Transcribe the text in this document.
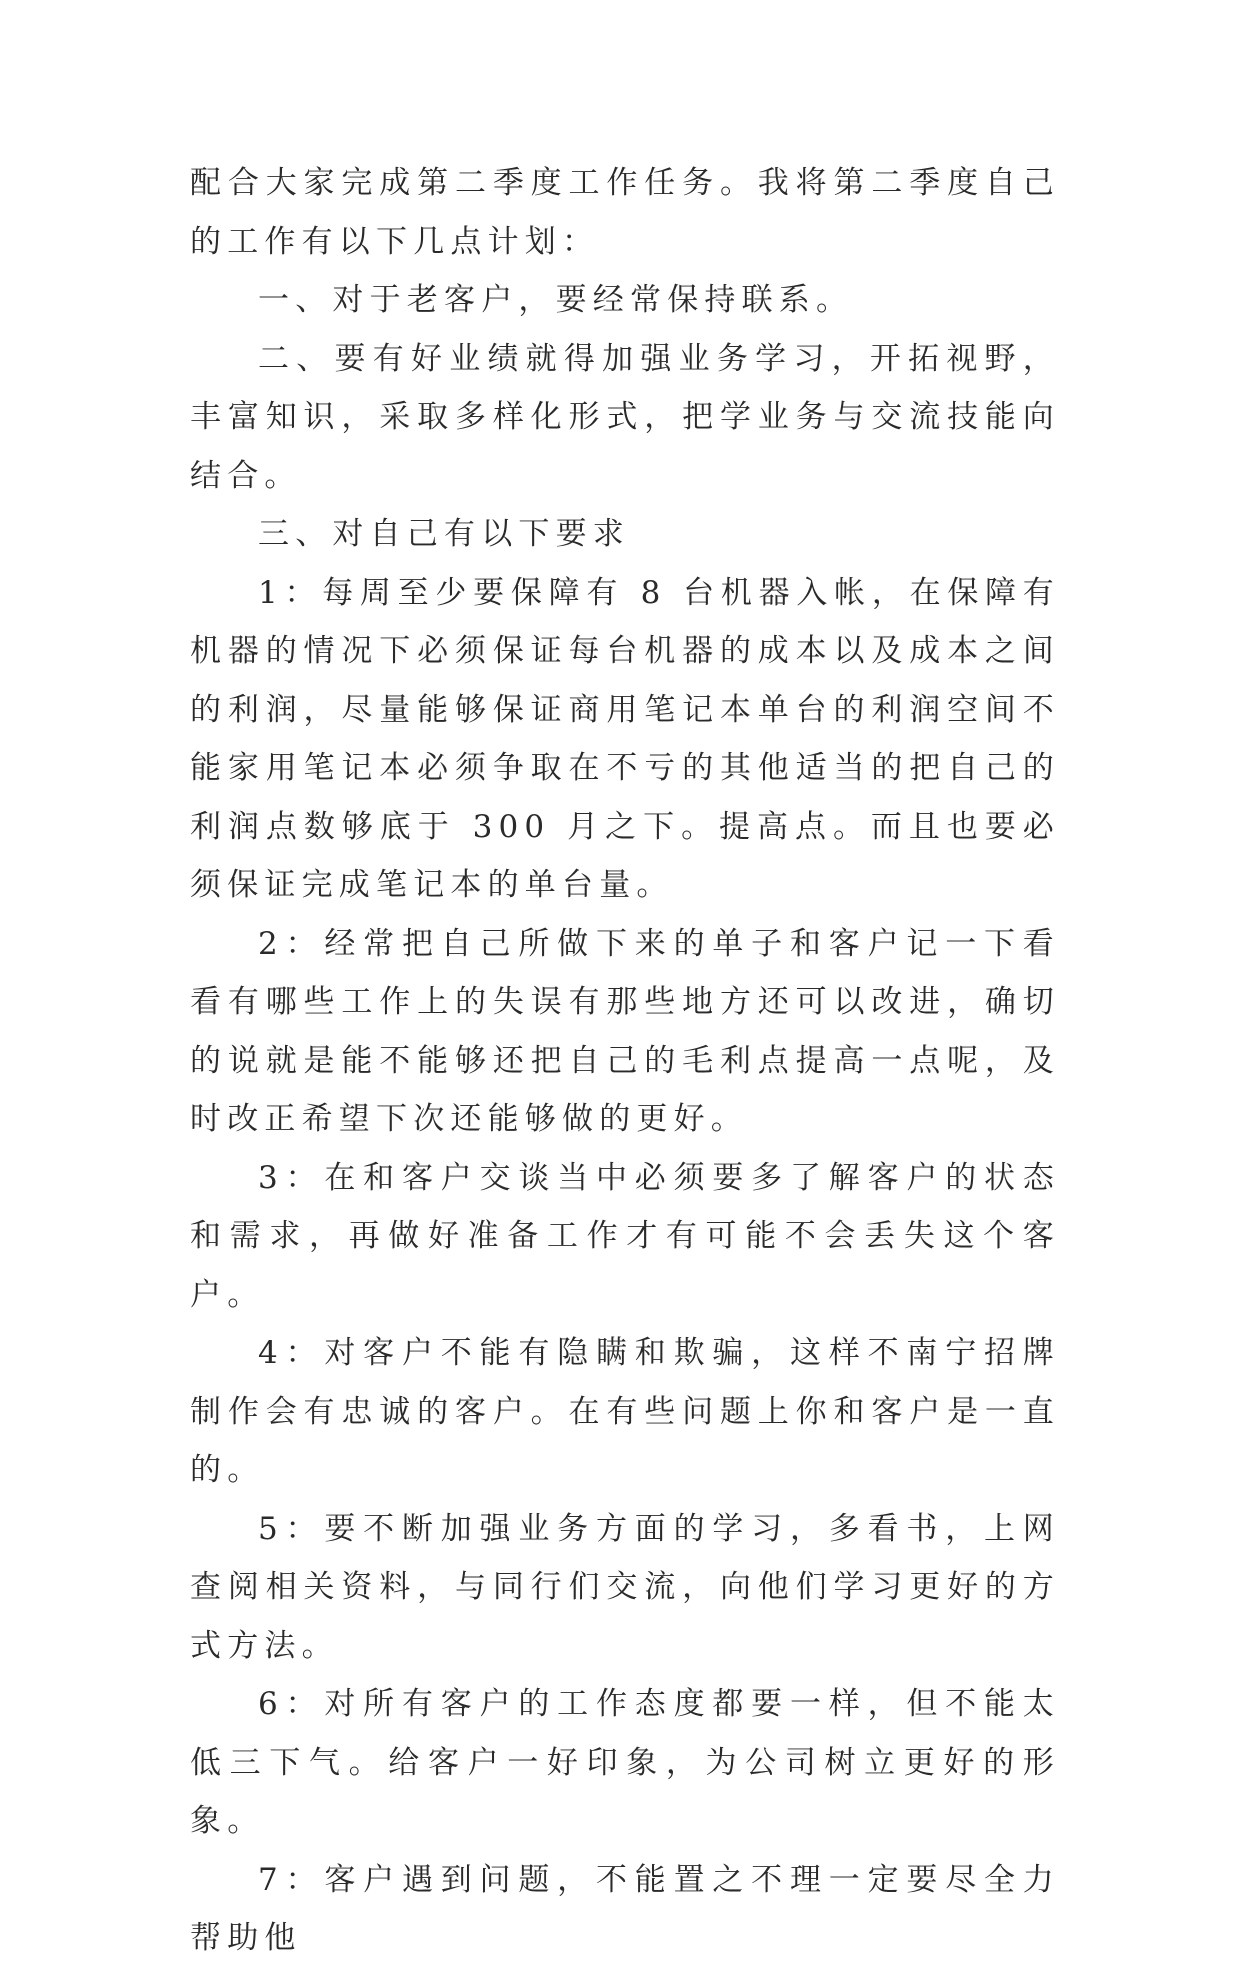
配合大家完成第二季度工作任务。我将第二季度自己的工作有以下几点计划：

一、对于老客户，要经常保持联系。

二、要有好业绩就得加强业务学习，开拓视野，丰富知识，采取多样化形式，把学业务与交流技能向结合。

三、对自己有以下要求

1：每周至少要保障有 8 台机器入帐，在保障有机器的情况下必须保证每台机器的成本以及成本之间的利润，尽量能够保证商用笔记本单台的利润空间不能家用笔记本必须争取在不亏的其他适当的把自己的利润点数够底于 300 月之下。提高点。而且也要必须保证完成笔记本的单台量。

2：经常把自己所做下来的单子和客户记一下看看有哪些工作上的失误有那些地方还可以改进，确切的说就是能不能够还把自己的毛利点提高一点呢，及时改正希望下次还能够做的更好。

3：在和客户交谈当中必须要多了解客户的状态和需求，再做好准备工作才有可能不会丢失这个客户。

4：对客户不能有隐瞒和欺骗，这样不南宁招牌制作会有忠诚的客户。在有些问题上你和客户是一直的。

5：要不断加强业务方面的学习，多看书，上网查阅相关资料，与同行们交流，向他们学习更好的方式方法。

6：对所有客户的工作态度都要一样，但不能太低三下气。给客户一好印象，为公司树立更好的形象。

7：客户遇到问题，不能置之不理一定要尽全力帮助他
